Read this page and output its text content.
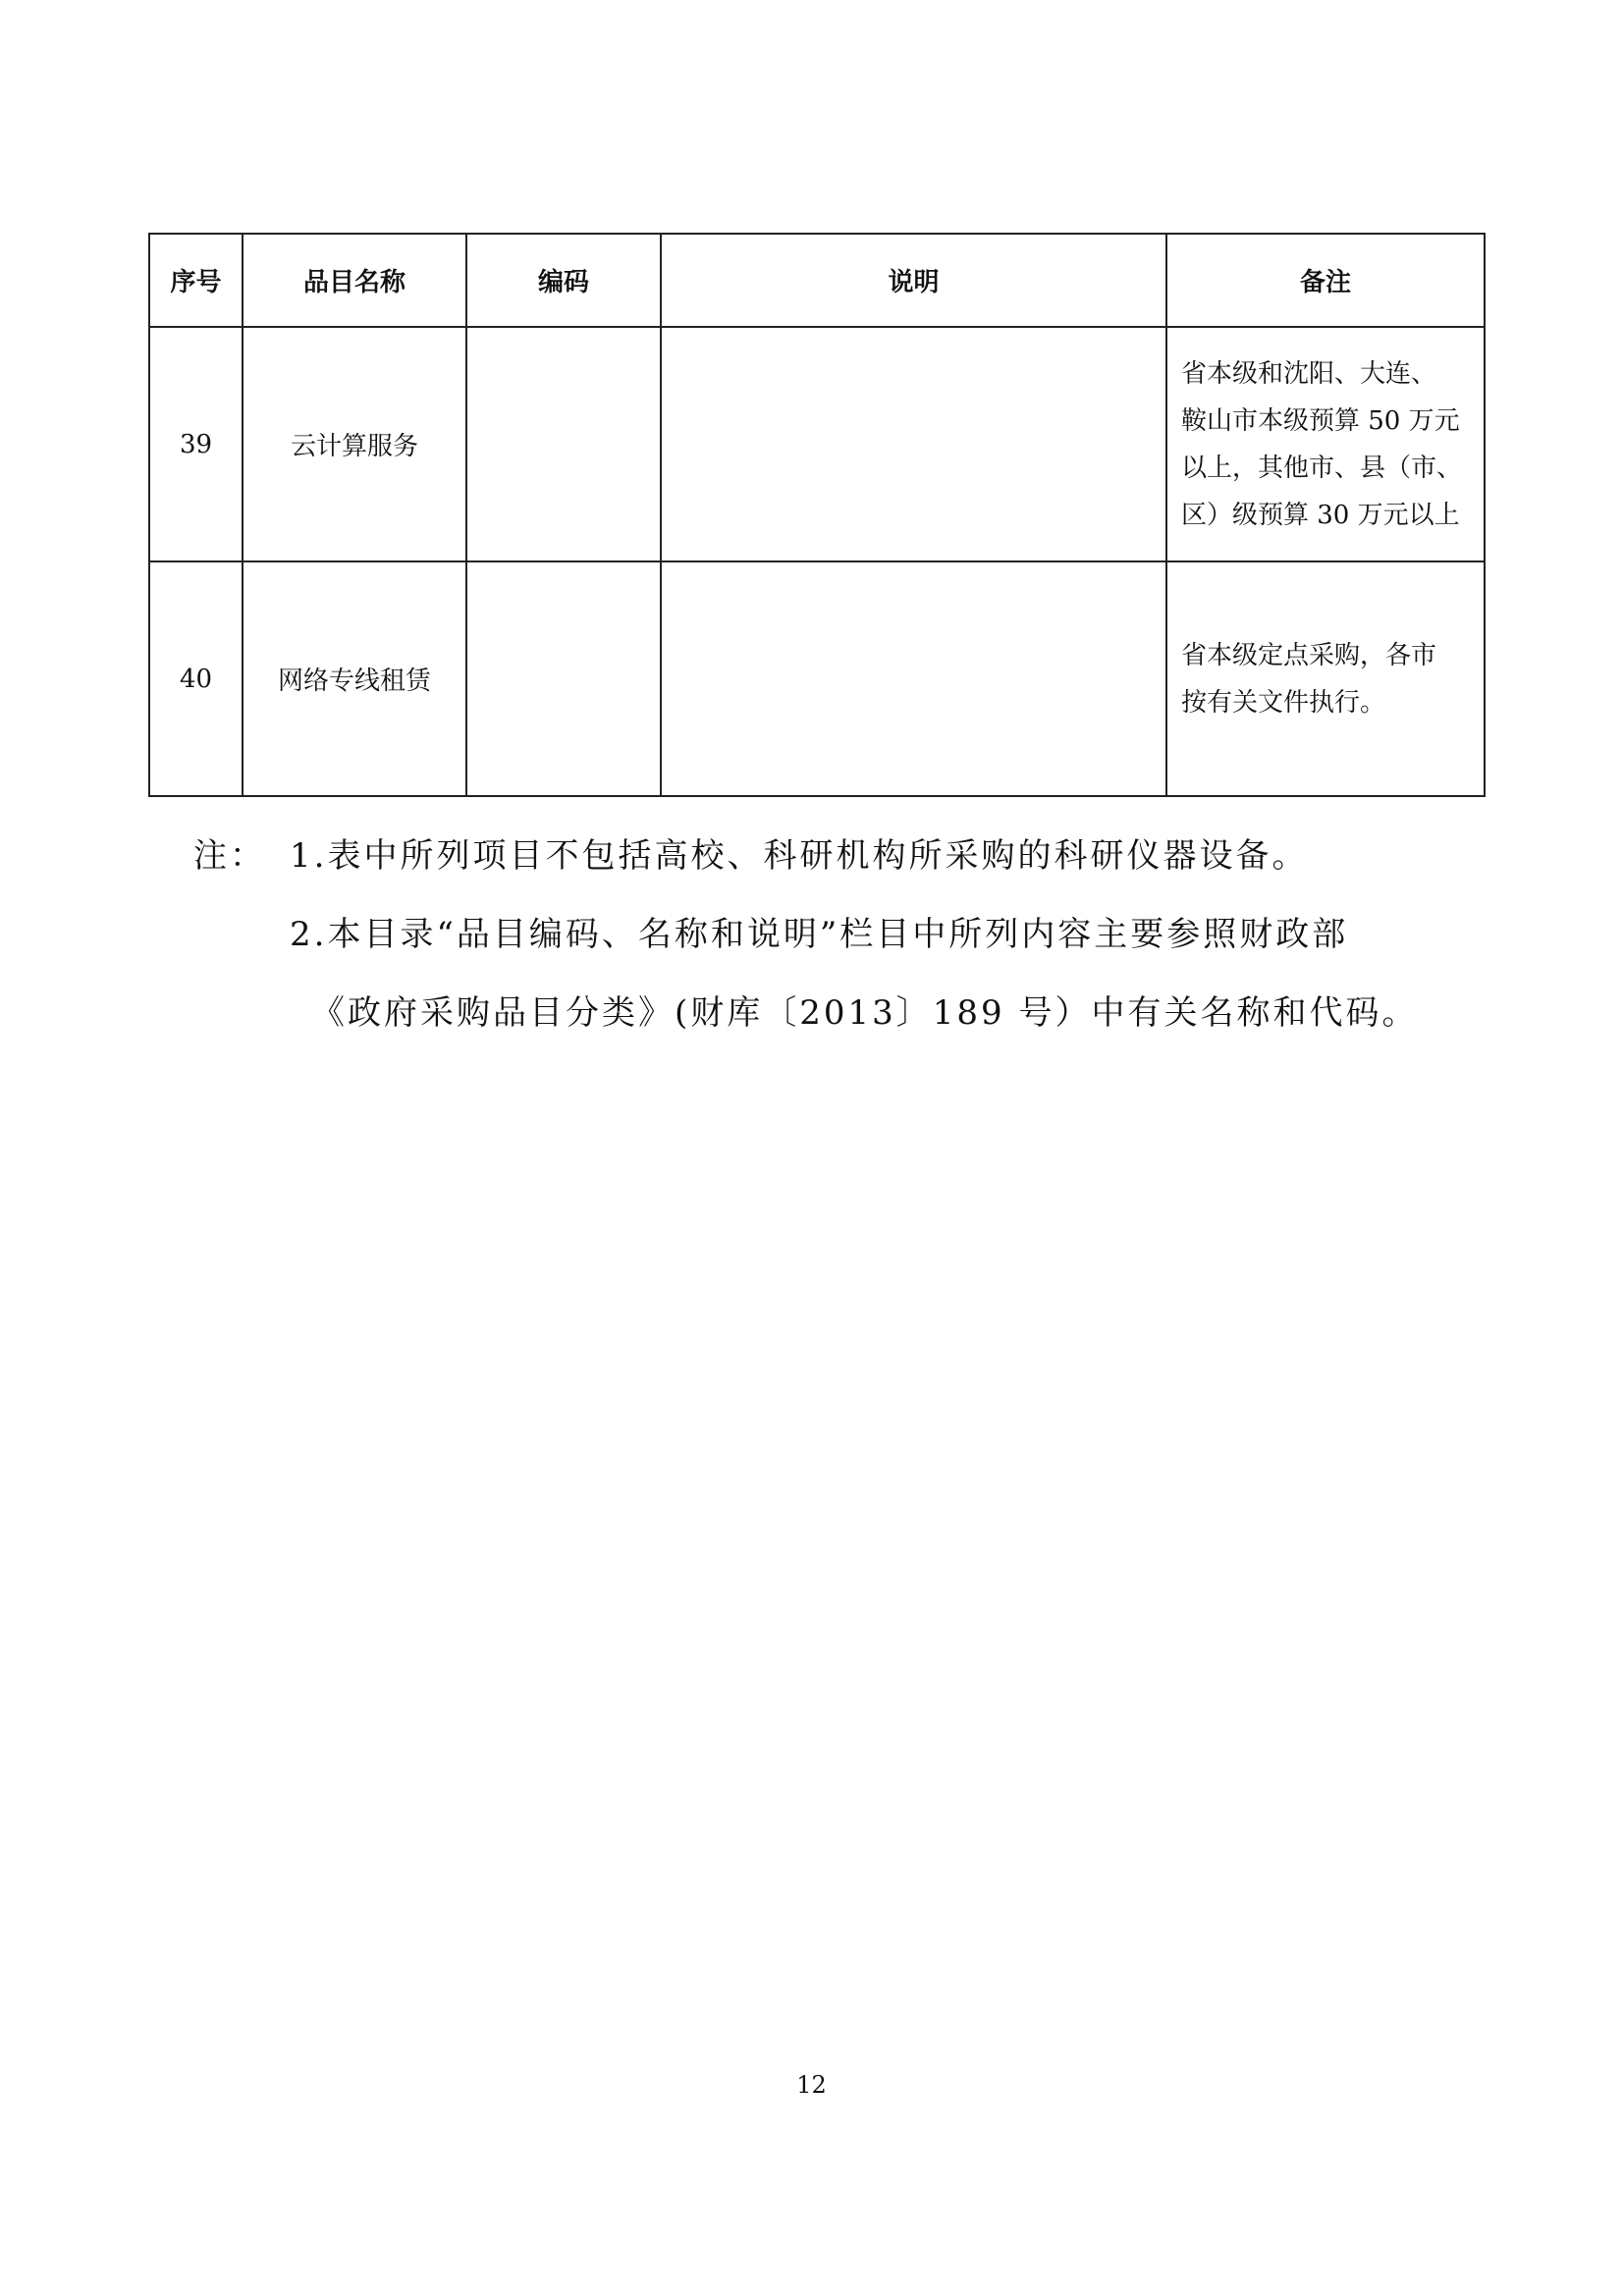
序号	品目名称	编码	说明	备注
39	云计算服务			省本级和沈阳、大连、
鞍山市本级预算 50 万元
以上，其他市、县（市、
区）级预算 30 万元以上

40	网络专线租赁			省本级定点采购，各市
按有关文件执行。
注： 1.表中所列项目不包括高校、科研机构所采购的科研仪器设备。
2.本目录“品目编码、名称和说明”栏目中所列内容主要参照财政部
《政府采购品目分类》(财库〔2013〕189 号）中有关名称和代码。
12
